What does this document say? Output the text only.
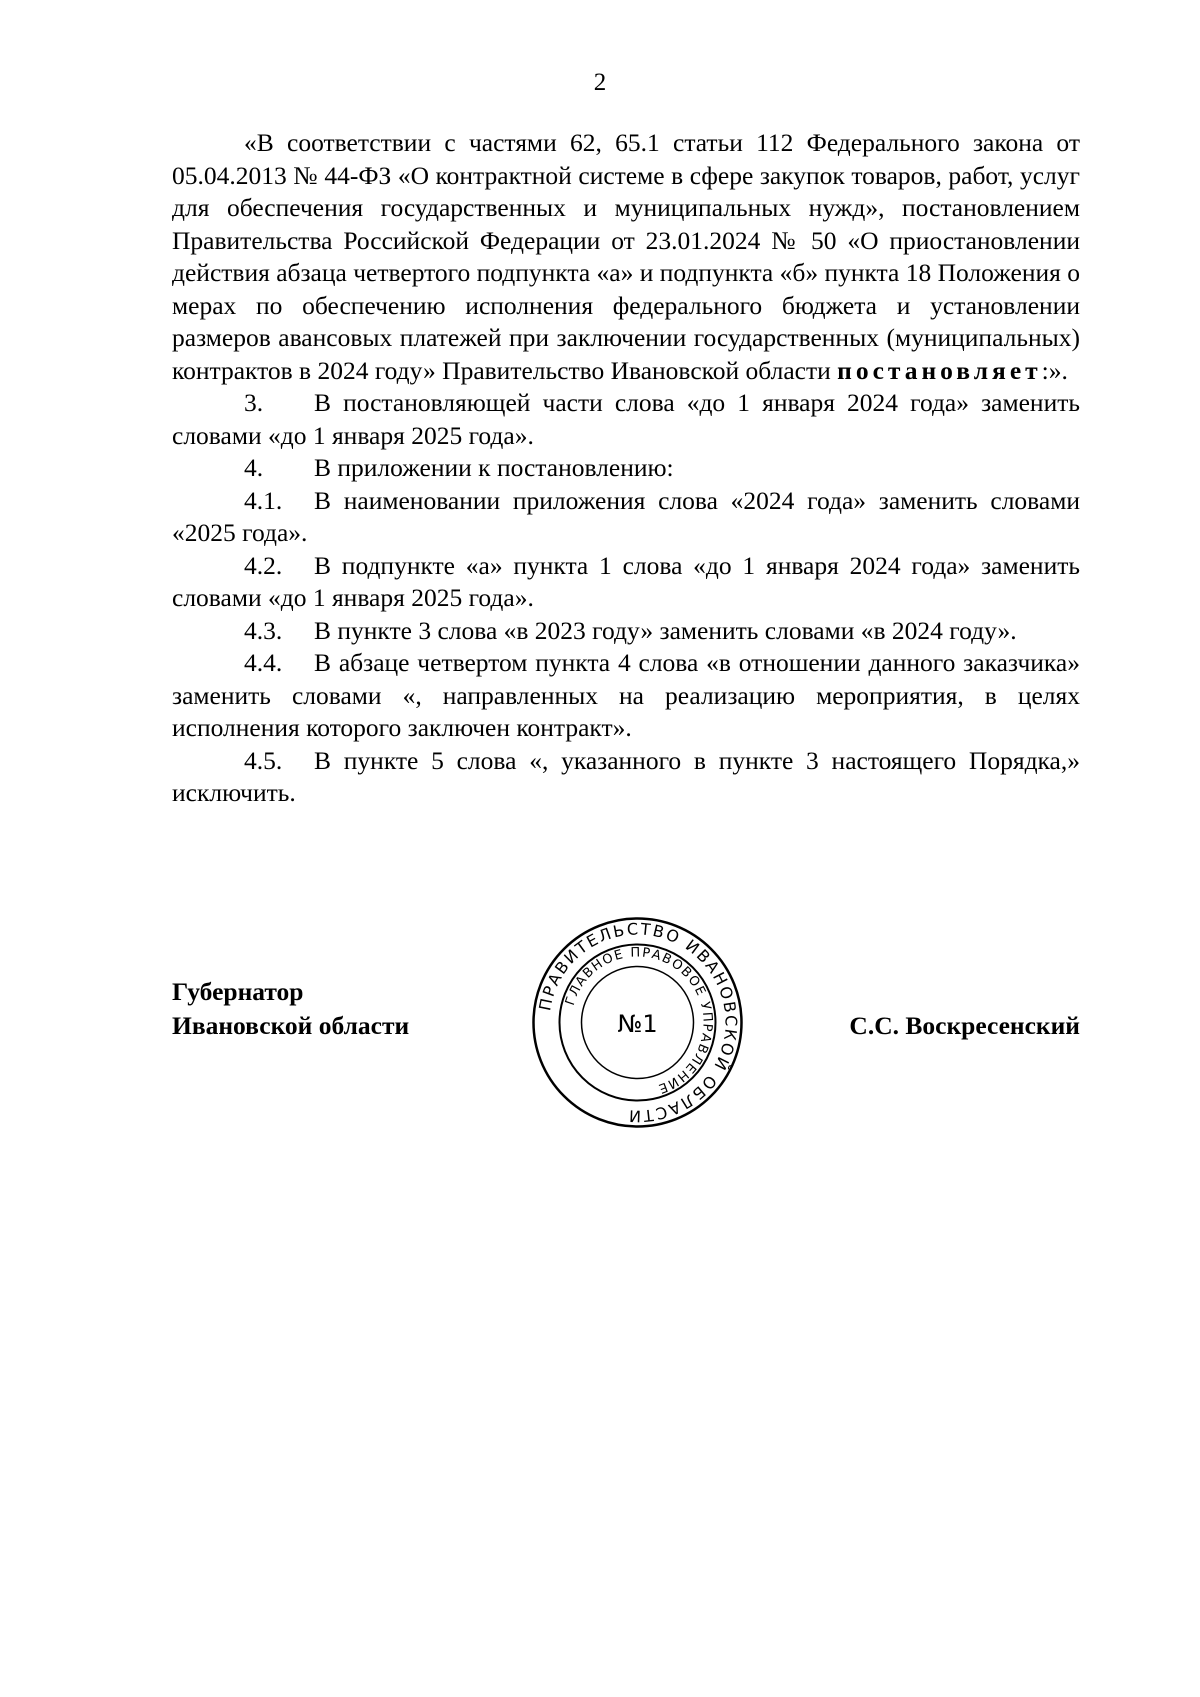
2

«В соответствии с частями 62, 65.1 статьи 112 Федерального закона от 05.04.2013 № 44-ФЗ «О контрактной системе в сфере закупок товаров, работ, услуг для обеспечения государственных и муниципальных нужд», постановлением Правительства Российской Федерации от 23.01.2024 № 50 «О приостановлении действия абзаца четвертого подпункта «а» и подпункта «б» пункта 18 Положения о мерах по обеспечению исполнения федерального бюджета и установлении размеров авансовых платежей при заключении государственных (муниципальных) контрактов в 2024 году» Правительство Ивановской области постановляет:».

3. В постановляющей части слова «до 1 января 2024 года» заменить словами «до 1 января 2025 года».

4. В приложении к постановлению:

4.1. В наименовании приложения слова «2024 года» заменить словами «2025 года».

4.2. В подпункте «а» пункта 1 слова «до 1 января 2024 года» заменить словами «до 1 января 2025 года».

4.3. В пункте 3 слова «в 2023 году» заменить словами «в 2024 году».

4.4. В абзаце четвертом пункта 4 слова «в отношении данного заказчика» заменить словами «, направленных на реализацию мероприятия, в целях исполнения которого заключен контракт».

4.5. В пункте 5 слова «, указанного в пункте 3 настоящего Порядка,» исключить.

Губернатор
Ивановской области	С.С. Воскресенский
ПРАВИТЕЛЬСТВО ИВАНОВСКОЙ ОБЛАСТИ
ГЛАВНОЕ ПРАВОВОЕ УПРАВЛЕНИЕ
№1
